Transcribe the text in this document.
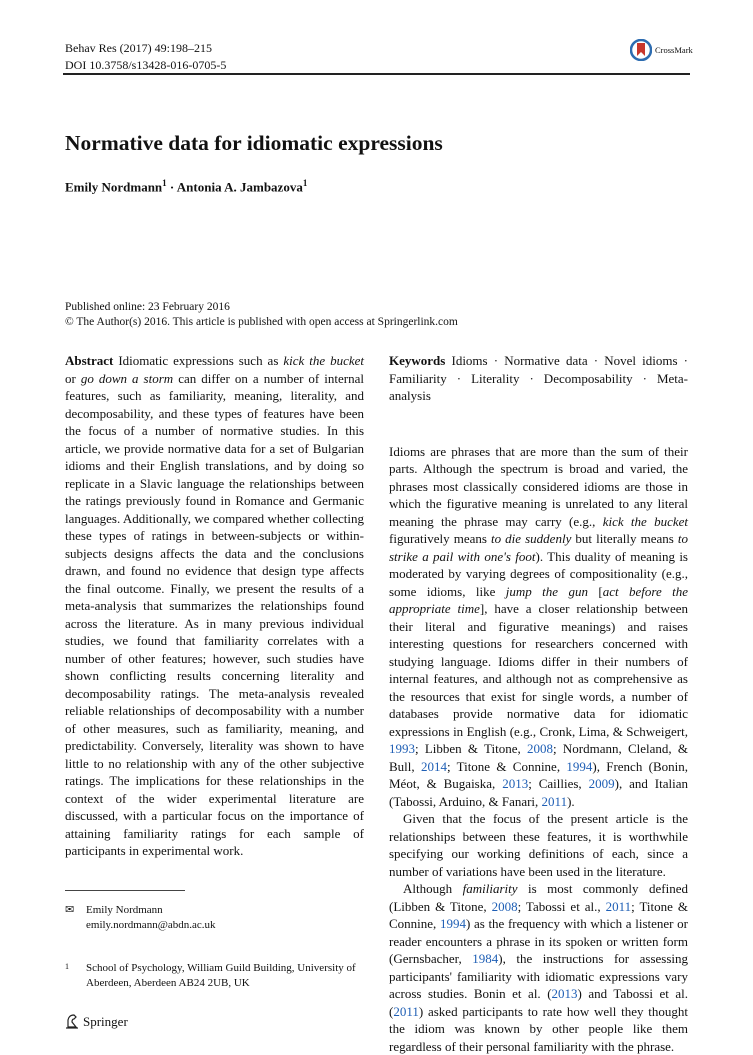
Behav Res (2017) 49:198–215
DOI 10.3758/s13428-016-0705-5
CrossMark
Normative data for idiomatic expressions
Emily Nordmann$^1$ · Antonia A. Jambazova$^1$
Published online: 23 February 2016
© The Author(s) 2016. This article is published with open access at Springerlink.com

Abstract Idiomatic expressions such as kick the bucket or go down a storm can differ on a number of internal features, such as familiarity, meaning, literality, and decomposability, and these types of features have been the focus of a number of normative studies. In this article, we provide normative data for a set of Bulgarian idioms and their English translations, and by doing so replicate in a Slavic language the relationships between the ratings previously found in Romance and Germanic languages. Additionally, we compared whether collecting these types of ratings in between-subjects or within-subjects designs affects the data and the conclusions drawn, and found no evidence that design type affects the final outcome. Finally, we present the results of a meta-analysis that summarizes the relationships found across the literature. As in many previous individual studies, we found that familiarity correlates with a number of other features; however, such studies have shown conflicting results concerning literality and decomposability ratings. The meta-analysis revealed reliable relationships of decomposability with a number of other measures, such as familiarity, meaning, and predictability. Conversely, literality was shown to have little to no relationship with any of the other subjective ratings. The implications for these relationships in the context of the wider experimental literature are discussed, with a particular focus on the importance of attaining familiarity ratings for each sample of participants in experimental work.

✉	Emily Nordmann
emily.nordmann@abdn.ac.uk
1	School of Psychology, William Guild Building, University of Aberdeen, Aberdeen AB24 2UB, UK
Springer

Keywords Idioms · Normative data · Novel idioms · Familiarity · Literality · Decomposability · Meta-analysis

Idioms are phrases that are more than the sum of their parts. Although the spectrum is broad and varied, the phrases most classically considered idioms are those in which the figurative meaning is unrelated to any literal meaning the phrase may carry (e.g., kick the bucket figuratively means to die suddenly but literally means to strike a pail with one's foot). This duality of meaning is moderated by varying degrees of compositionality (e.g., some idioms, like jump the gun [act before the appropriate time], have a closer relationship between their literal and figurative meanings) and raises interesting questions for researchers concerned with studying language. Idioms differ in their numbers of internal features, and although not as comprehensive as the resources that exist for single words, a number of databases provide normative data for idiomatic expressions in English (e.g., Cronk, Lima, & Schweigert, 1993; Libben & Titone, 2008; Nordmann, Cleland, & Bull, 2014; Titone & Connine, 1994), French (Bonin, Méot, & Bugaiska, 2013; Caillies, 2009), and Italian (Tabossi, Arduino, & Fanari, 2011).

Given that the focus of the present article is the relationships between these features, it is worthwhile specifying our working definitions of each, since a number of variations have been used in the literature.

Although familiarity is most commonly defined (Libben & Titone, 2008; Tabossi et al., 2011; Titone & Connine, 1994) as the frequency with which a listener or reader encounters a phrase in its spoken or written form (Gernsbacher, 1984), the instructions for assessing participants' familiarity with idiomatic expressions vary across studies. Bonin et al. (2013) and Tabossi et al. (2011) asked participants to rate how well they thought the idiom was known by other people like them regardless of their personal familiarity with the phrase.
